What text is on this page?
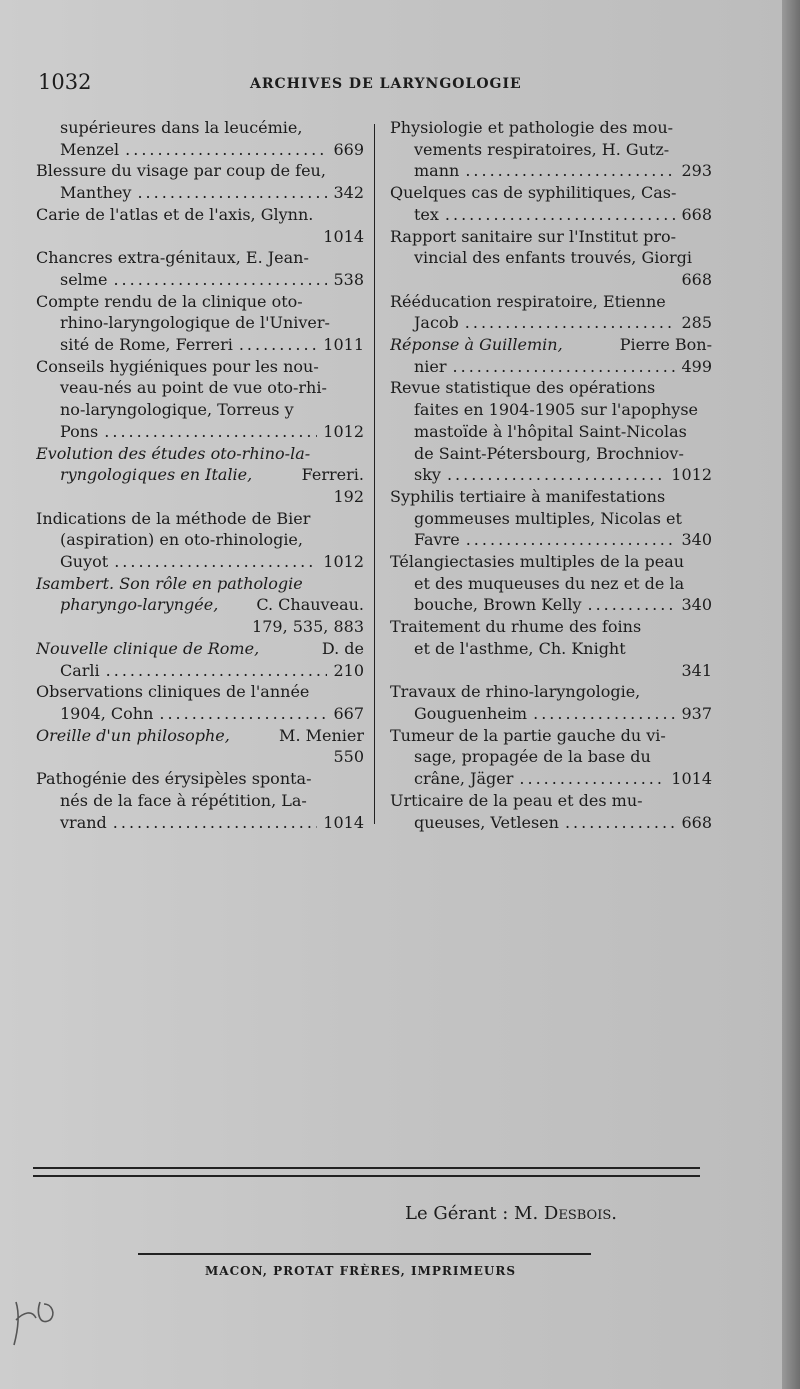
1032	ARCHIVES DE LARYNGOLOGIE
supérieures dans la leucémie,
Menzel .....	669
Blessure du visage par coup de feu,
Manthey .....	342
Carie de l'atlas et de l'axis, Glynn.
1014
Chancres extra-génitaux, E. Jean-
selme .....	538
Compte rendu de la clinique oto-
rhino-laryngologique de l'Univer-
sité de Rome, Ferreri .....	1011
Conseils hygiéniques pour les nou-
veau-nés au point de vue oto-rhi-
no-laryngologique, Torreus y
Pons .....	1012
Evolution des études oto-rhino-la-
ryngologiques en Italie,	Ferreri.
192
Indications de la méthode de Bier
(aspiration) en oto-rhinologie,
Guyot .....	1012
Isambert. Son rôle en pathologie
pharyngo-laryngée, C. Chauveau.
179, 535, 883
Nouvelle clinique de Rome,	D. de
Carli .....	210
Observations cliniques de l'année
1904, Cohn .....	667
Oreille d'un philosophe,	M. Menier
550
Pathogénie des érysipèles sponta-
nés de la face à répétition, La-
vrand .....	1014
Physiologie et pathologie des mou-
vements respiratoires, H. Gutz-
mann .....	293
Quelques cas de syphilitiques, Cas-
tex .....	668
Rapport sanitaire sur l'Institut pro-
vincial des enfants trouvés, Giorgi
668
Rééducation respiratoire, Etienne
Jacob .....	285
Réponse à Guillemin,	Pierre Bon-
nier .....	499
Revue statistique des opérations
faites en 1904-1905 sur l'apophyse
mastoïde à l'hôpital Saint-Nicolas
de Saint-Pétersbourg, Brochniov-
sky .....	1012
Syphilis tertiaire à manifestations
gommeuses multiples, Nicolas et
Favre .....	340
Télangiectasies multiples de la peau
et des muqueuses du nez et de la
bouche, Brown Kelly .....	340
Traitement du rhume des foins
et de l'asthme, Ch. Knight
341
Travaux de rhino-laryngologie,
Gouguenheim .....	937
Tumeur de la partie gauche du vi-
sage, propagée de la base du
crâne, Jäger .....	1014
Urticaire de la peau et des mu-
queuses, Vetlesen .....	668
Le Gérant : M. Desbois.
MACON, PROTAT FRÈRES, IMPRIMEURS
